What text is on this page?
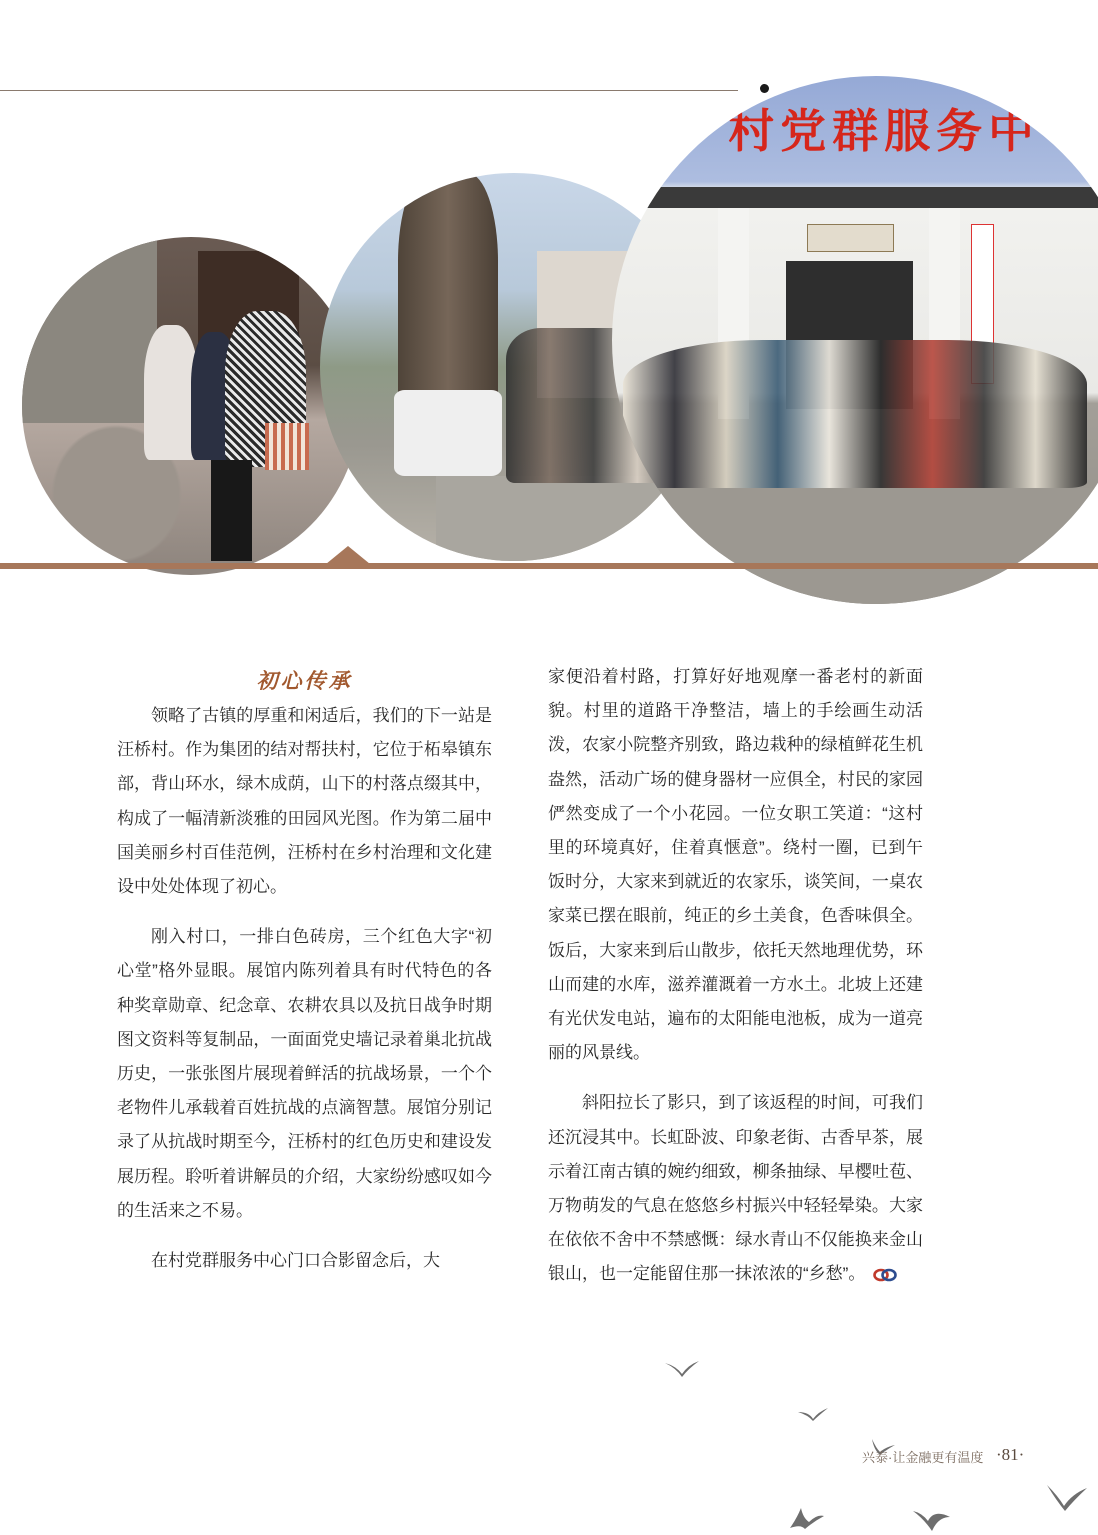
村党群服务中
初心传承

领略了古镇的厚重和闲适后，我们的下一站是汪桥村。作为集团的结对帮扶村，它位于柘皋镇东部，背山环水，绿木成荫，山下的村落点缀其中，构成了一幅清新淡雅的田园风光图。作为第二届中国美丽乡村百佳范例，汪桥村在乡村治理和文化建设中处处体现了初心。

刚入村口，一排白色砖房，三个红色大字“初心堂”格外显眼。展馆内陈列着具有时代特色的各种奖章勋章、纪念章、农耕农具以及抗日战争时期图文资料等复制品，一面面党史墙记录着巢北抗战历史，一张张图片展现着鲜活的抗战场景，一个个老物件儿承载着百姓抗战的点滴智慧。展馆分别记录了从抗战时期至今，汪桥村的红色历史和建设发展历程。聆听着讲解员的介绍，大家纷纷感叹如今的生活来之不易。

在村党群服务中心门口合影留念后，大

家便沿着村路，打算好好地观摩一番老村的新面貌。村里的道路干净整洁，墙上的手绘画生动活泼，农家小院整齐别致，路边栽种的绿植鲜花生机盎然，活动广场的健身器材一应俱全，村民的家园俨然变成了一个小花园。一位女职工笑道：“这村里的环境真好，住着真惬意”。绕村一圈，已到午饭时分，大家来到就近的农家乐，谈笑间，一桌农家菜已摆在眼前，纯正的乡土美食，色香味俱全。饭后，大家来到后山散步，依托天然地理优势，环山而建的水库，滋养灌溉着一方水土。北坡上还建有光伏发电站，遍布的太阳能电池板，成为一道亮丽的风景线。

斜阳拉长了影只，到了该返程的时间，可我们还沉浸其中。长虹卧波、印象老街、古香早茶，展示着江南古镇的婉约细致，柳条抽绿、早樱吐苞、万物萌发的气息在悠悠乡村振兴中轻轻晕染。大家在依依不舍中不禁感慨：绿水青山不仅能换来金山银山，也一定能留住那一抹浓浓的“乡愁”。

兴泰·让金融更有温度 ·81·
